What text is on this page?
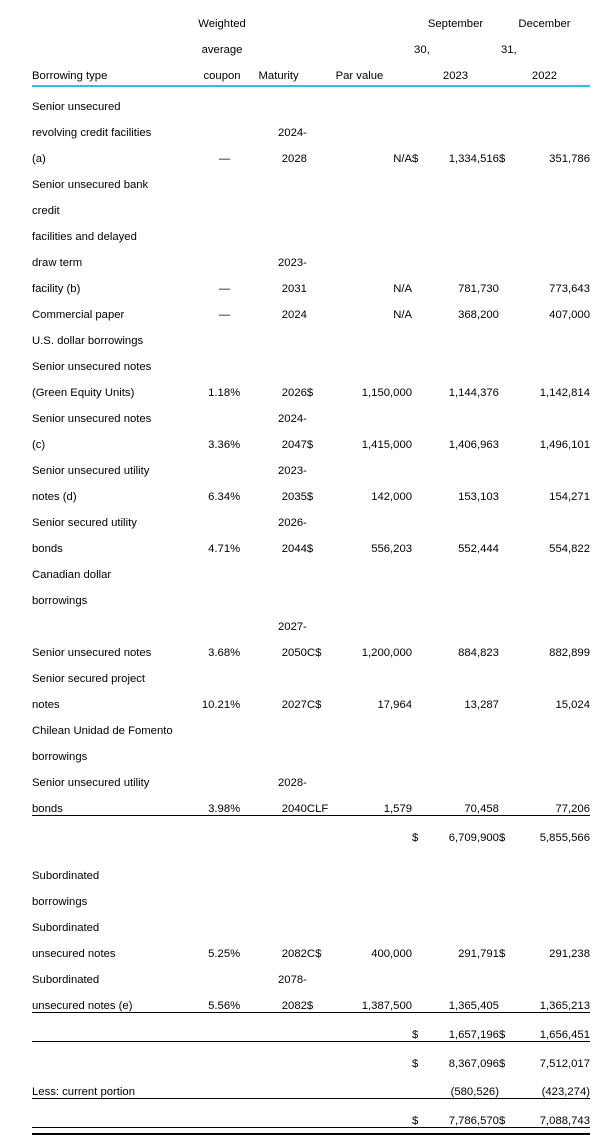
	Weighted					September		December	
	average					30,		31,	
Borrowing type	coupon		Maturity	Par value		2023		2022	

Senior unsecured									
revolving credit facilities			2024-						
(a)	—		2028		N/A	$	1,334,516	$	351,786
Senior unsecured bank									
credit									
facilities and delayed									
draw term			2023-						
facility (b)	—		2031		N/A		781,730		773,643
Commercial paper	—		2024		N/A		368,200		407,000
U.S. dollar borrowings									
Senior unsecured notes									
(Green Equity Units)	1.18	%	2026	$	1,150,000		1,144,376		1,142,814
Senior unsecured notes			2024-						
(c)	3.36	%	2047	$	1,415,000		1,406,963		1,496,101
Senior unsecured utility			2023-						
notes (d)	6.34	%	2035	$	142,000		153,103		154,271
Senior secured utility			2026-						
bonds	4.71	%	2044	$	556,203		552,444		554,822
Canadian dollar									
borrowings									
			2027-						
Senior unsecured notes	3.68	%	2050	C$	1,200,000		884,823		882,899
Senior secured project									
notes	10.21	%	2027	C$	17,964		13,287		15,024
Chilean Unidad de Fomento									
borrowings									
Senior unsecured utility			2028-						
bonds	3.98	%	2040	CLF	1,579		70,458		77,206
						$	6,709,900	$	5,855,566

Subordinated									
borrowings									
Subordinated									
unsecured notes	5.25	%	2082	C$	400,000		291,791	$	291,238
Subordinated			2078-						
unsecured notes (e)	5.56	%	2082	$	1,387,500		1,365,405		1,365,213
						$	1,657,196	$	1,656,451
						$	8,367,096	$	7,512,017
Less: current portion							(580,526)		(423,274)
						$	7,786,570	$	7,088,743
